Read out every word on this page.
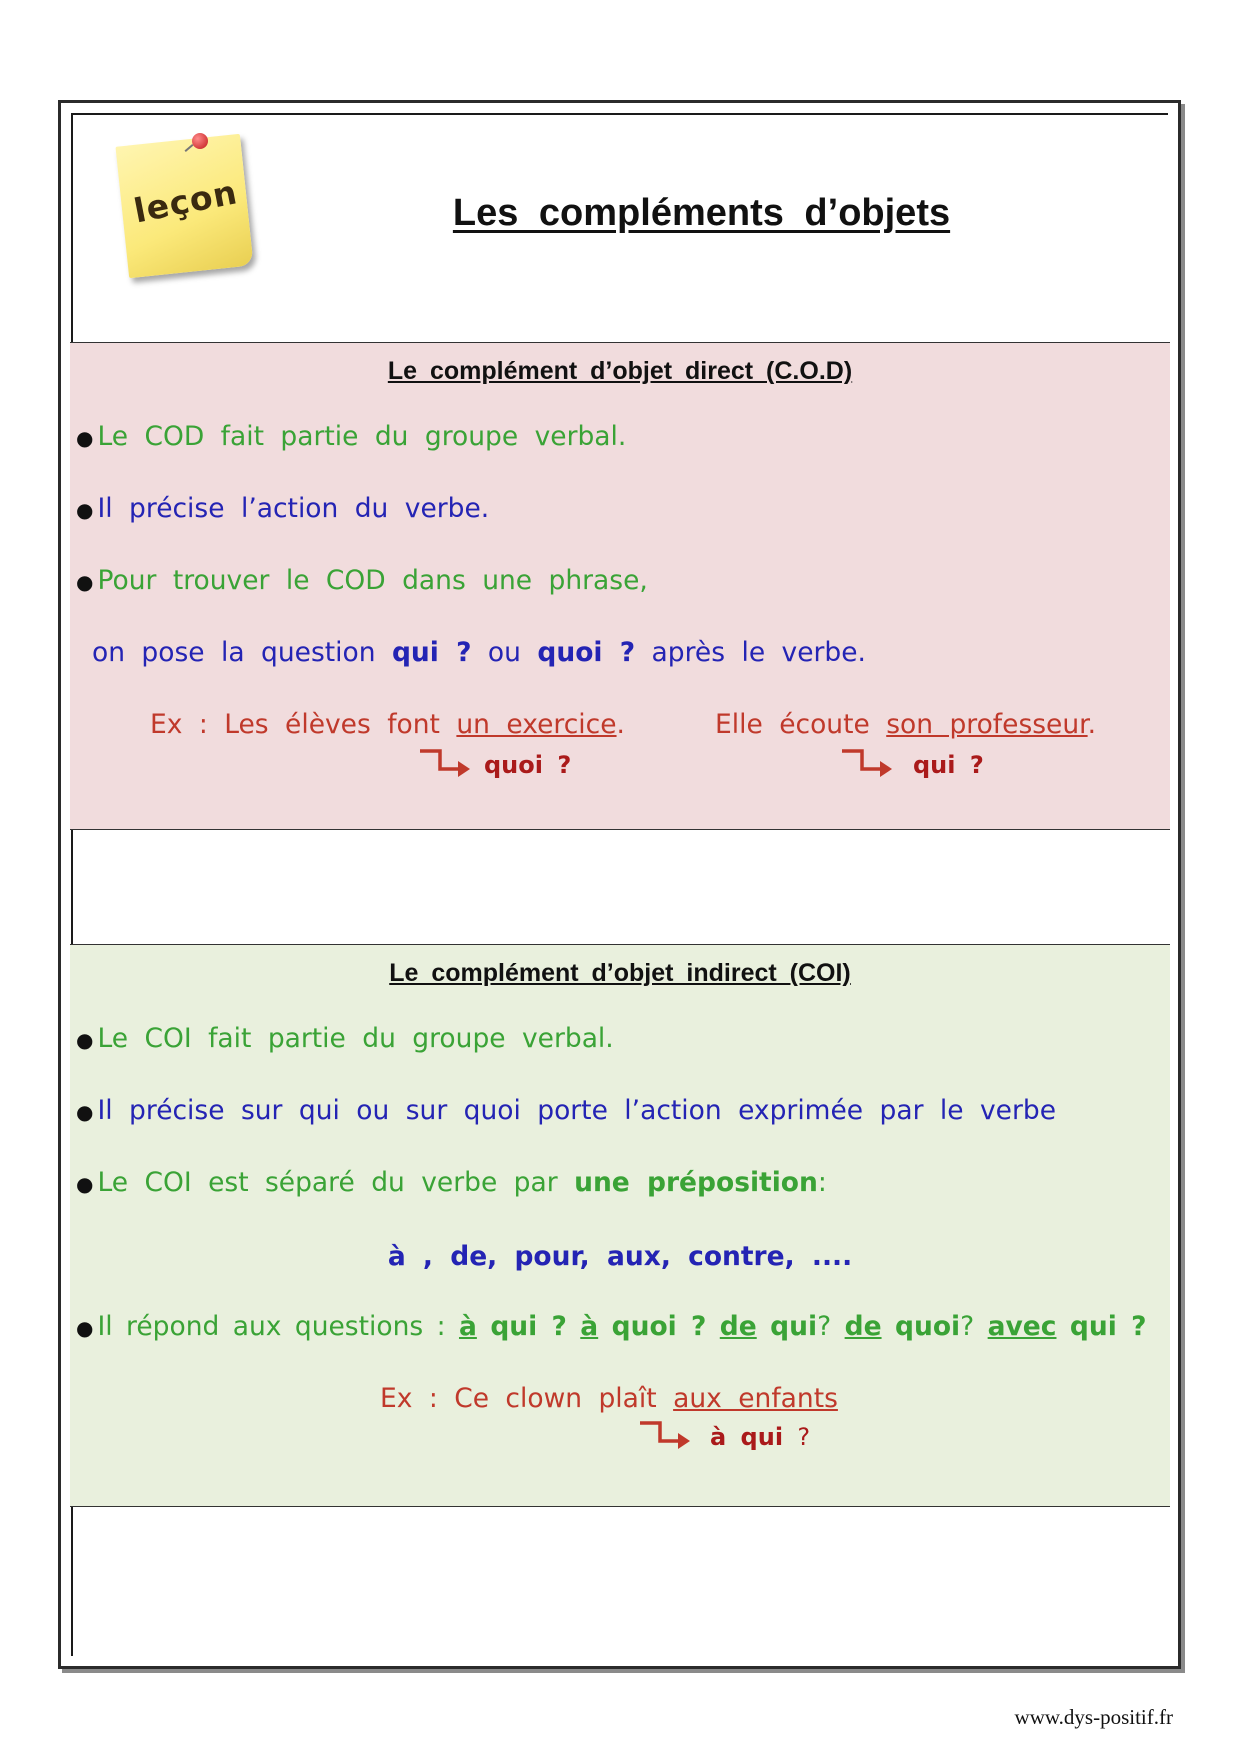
leçon	Les compléments d’objets
Le complément d’objet direct (C.O.D)
● Le COD fait partie du groupe verbal.
● Il précise l’action du verbe.
● Pour trouver le COD dans une phrase,
on pose la question qui ? ou quoi ? après le verbe.
Ex : Les élèves font un exercice.
quoi ?
Elle écoute son professeur.
qui ?
Le complément d’objet indirect (COI)
● Le COI fait partie du groupe verbal.
● Il précise sur qui ou sur quoi porte l’action exprimée par le verbe
● Le COI est séparé du verbe par une préposition:
à , de, pour, aux, contre, ....
● Il répond aux questions : à qui ? à quoi ? de qui? de quoi? avec qui ?
Ex : Ce clown plaît aux enfants
à qui ?
www.dys-positif.fr
